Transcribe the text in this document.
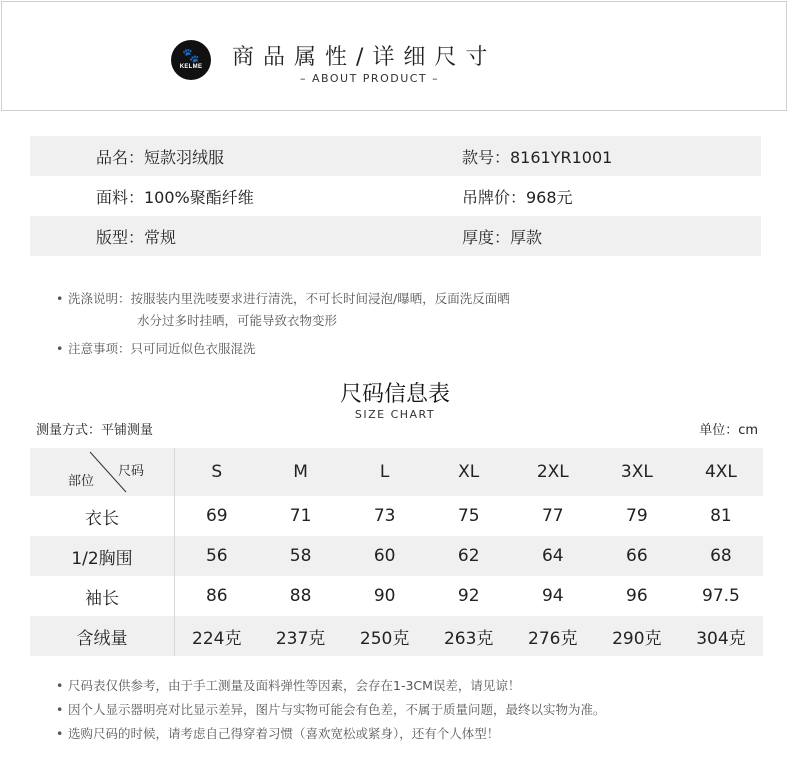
🐾
KELME 商品属性/详细尺寸
– ABOUT PRODUCT –
品名：短款羽绒服	款号：8161YR1001
面料：100%聚酯纤维	吊牌价：968元
版型：常规	厚度：厚款
• 洗涤说明：按服装内里洗唛要求进行清洗，不可长时间浸泡/曝晒，反面洗反面晒
水分过多时挂晒，可能导致衣物变形
• 注意事项：只可同近似色衣服混洗
尺码信息表
SIZE CHART
测量方式：平铺测量	单位：cm
尺码
部位	S	M	L	XL	2XL	3XL	4XL
衣长	69	71	73	75	77	79	81
1/2胸围	56	58	60	62	64	66	68
袖长	86	88	90	92	94	96	97.5
含绒量	224克	237克	250克	263克	276克	290克	304克
• 尺码表仅供参考，由于手工测量及面料弹性等因素，会存在1-3CM误差，请见谅！
• 因个人显示器明亮对比显示差异，图片与实物可能会有色差，不属于质量问题，最终以实物为准。
• 选购尺码的时候，请考虑自己得穿着习惯（喜欢宽松或紧身），还有个人体型！
